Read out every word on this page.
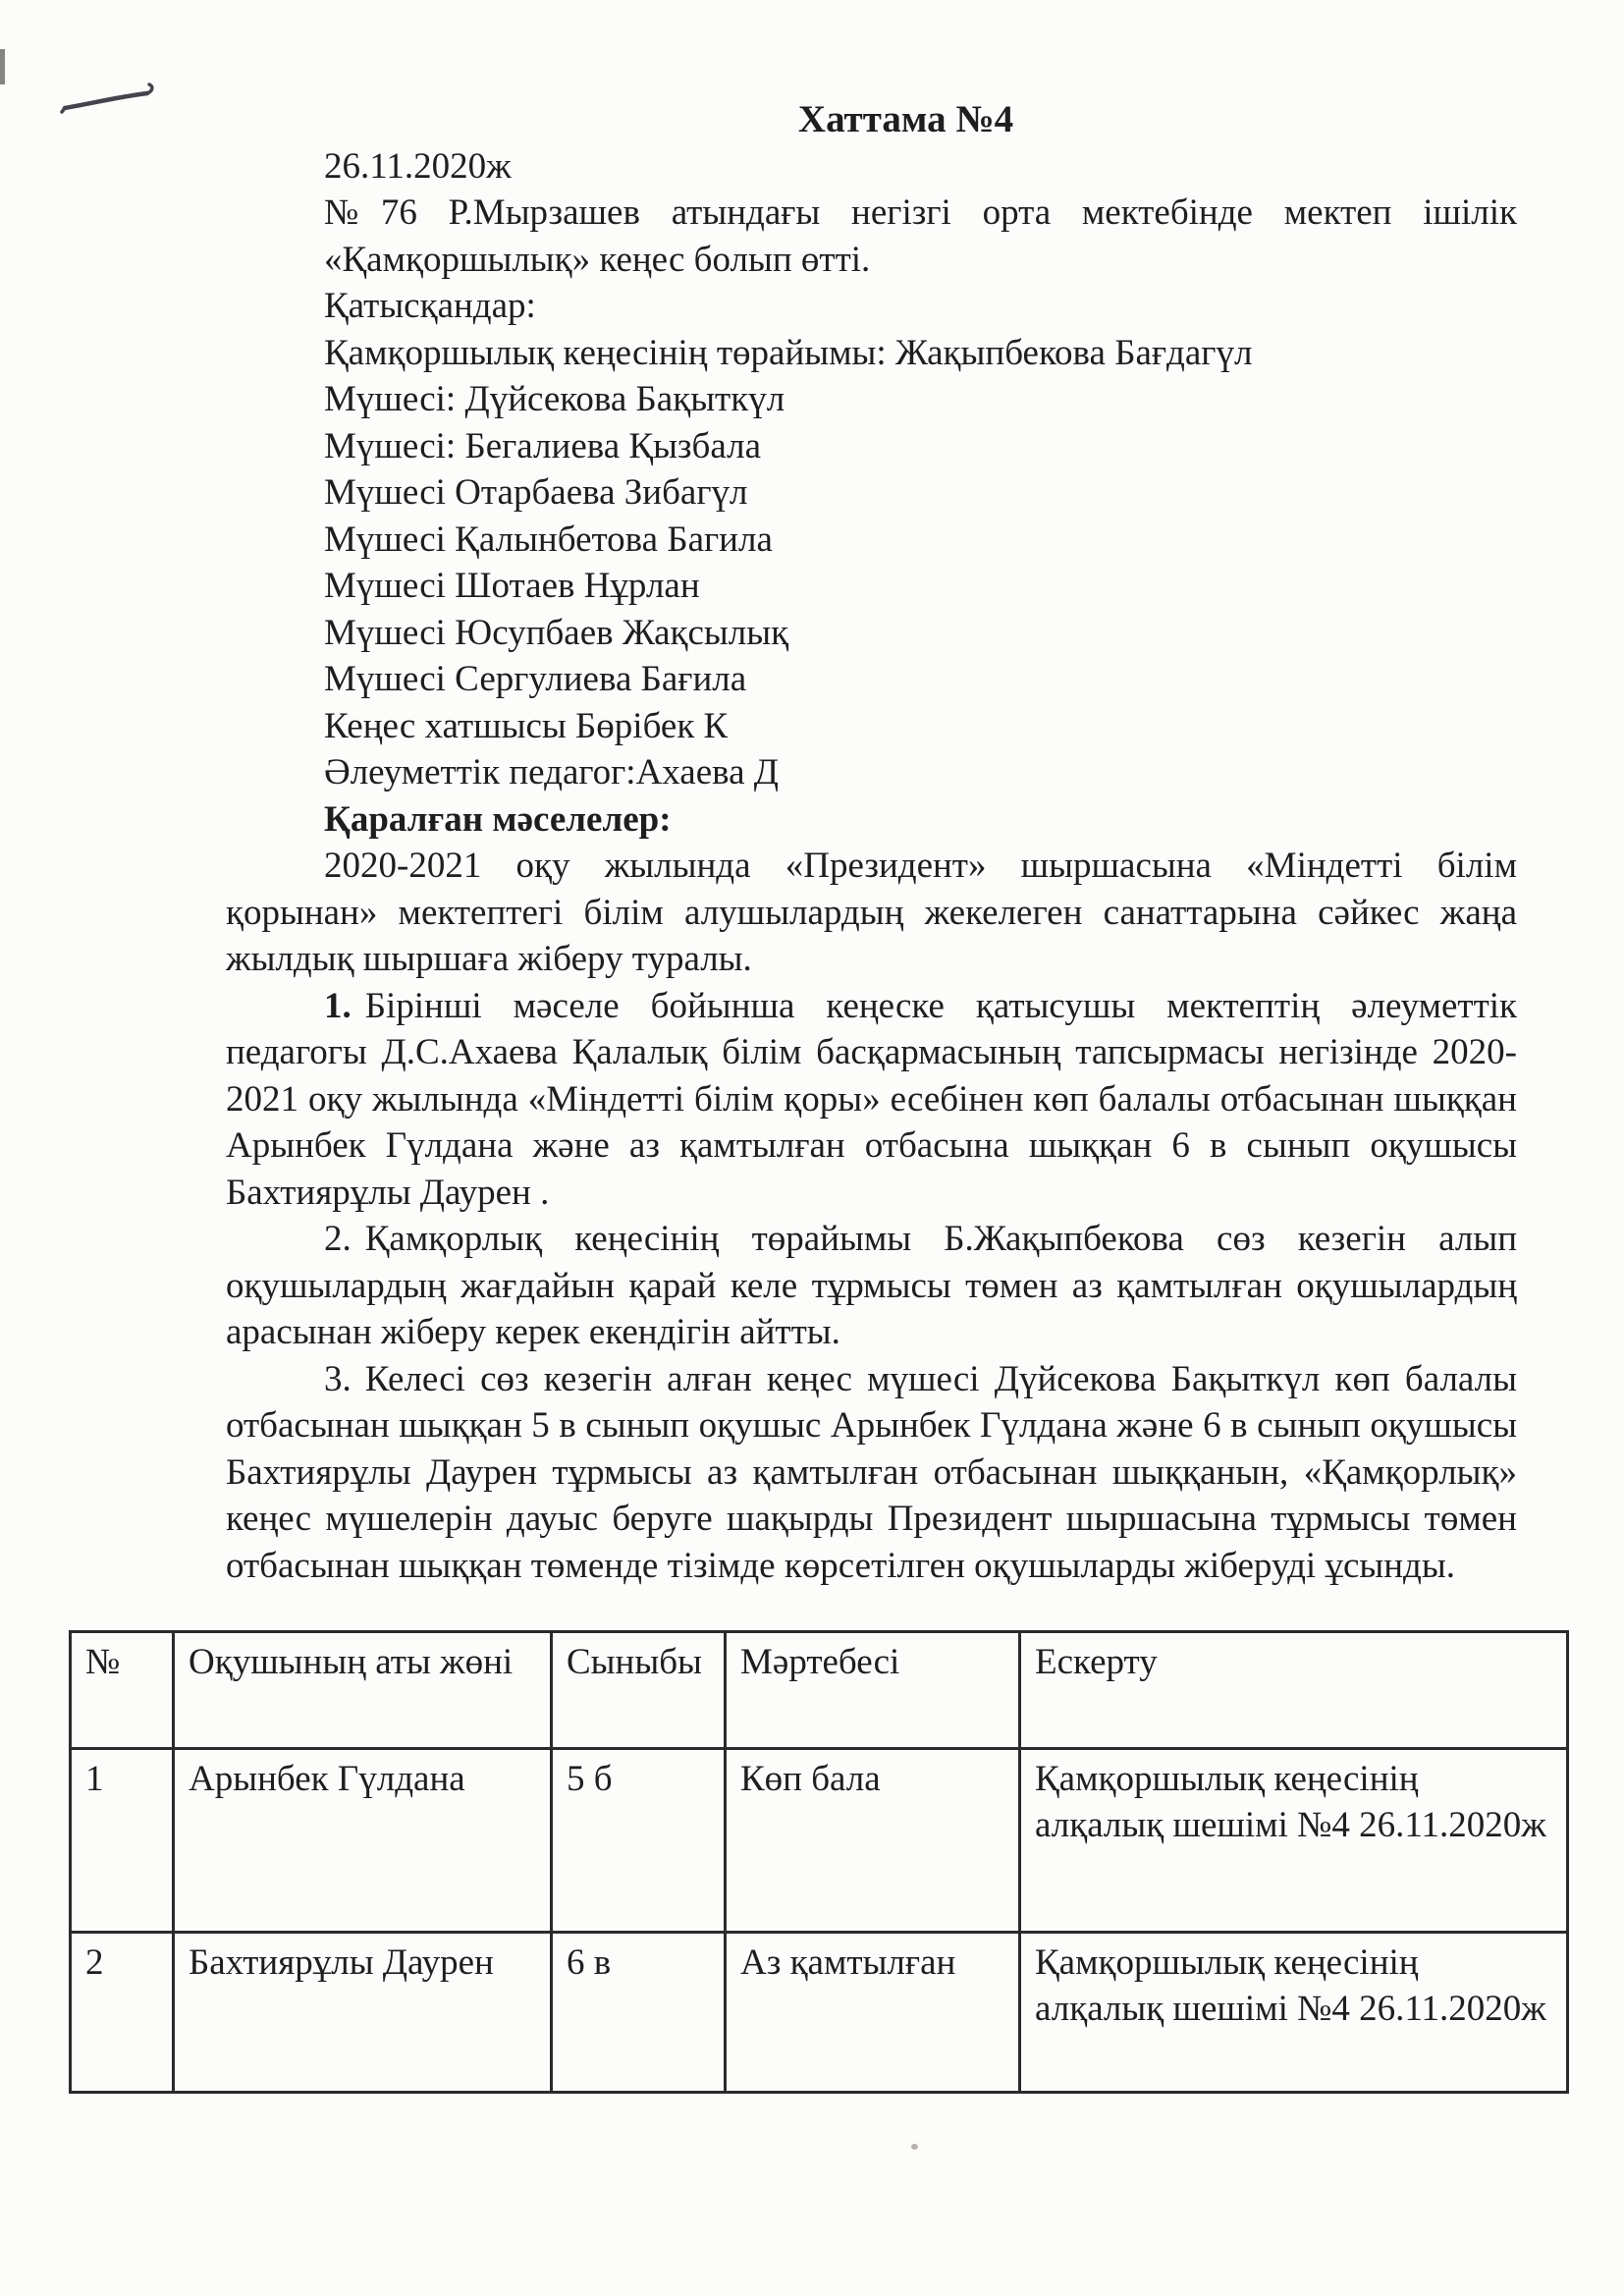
Хаттама №4
26.11.2020ж
№76 Р.Мырзашев атындағы негізгі орта мектебінде мектеп ішілік «Қамқоршылық» кеңес болып өтті.
Қатысқандар:
Қамқоршылық кеңесінің төрайымы: Жақыпбекова Бағдагүл
Мүшесі: Дүйсекова Бақыткүл
Мүшесі: Бегалиева Қызбала
Мүшесі Отарбаева Зибагүл
Мүшесі Қалынбетова Багила
Мүшесі Шотаев Нұрлан
Мүшесі Юсупбаев Жақсылық
Мүшесі Сергулиева Бағила
Кеңес хатшысы Бөрібек К
Әлеуметтік педагог:Ахаева Д
Қаралған мәселелер:

2020-2021 оқу жылында «Президент» шыршасына «Міндетті білім қорынан» мектептегі білім алушылардың жекелеген санаттарына сәйкес жаңа жылдық шыршаға жіберу туралы.

1. Бірінші мәселе бойынша кеңеске қатысушы мектептің әлеуметтік педагогы Д.С.Ахаева Қалалық білім басқармасының тапсырмасы негізінде 2020-2021 оқу жылында «Міндетті білім қоры» есебінен көп балалы отбасынан шыққан Арынбек Гүлдана және аз қамтылған отбасына шыққан 6 в сынып оқушысы Бахтиярұлы Даурен .

2. Қамқорлық кеңесінің төрайымы Б.Жақыпбекова сөз кезегін алып оқушылардың жағдайын қарай келе тұрмысы төмен аз қамтылған оқушылардың арасынан жіберу керек екендігін айтты.

3. Келесі сөз кезегін алған кеңес мүшесі Дүйсекова Бақыткүл көп балалы отбасынан шыққан 5 в сынып оқушыс Арынбек Гүлдана және 6 в сынып оқушысы Бахтиярұлы Даурен тұрмысы аз қамтылған отбасынан шыққанын, «Қамқорлық» кеңес мүшелерін дауыс беруге шақырды Президент шыршасына тұрмысы төмен отбасынан шыққан төменде тізімде көрсетілген оқушыларды жіберуді ұсынды.

№	Оқушының аты жөні	Сыныбы	Мәртебесі	Ескерту
1	Арынбек Гүлдана	5 б	Көп бала	Қамқоршылық кеңесінің алқалық шешімі №4 26.11.2020ж
2	Бахтиярұлы Даурен	6 в	Аз қамтылған	Қамқоршылық кеңесінің алқалық шешімі №4 26.11.2020ж
